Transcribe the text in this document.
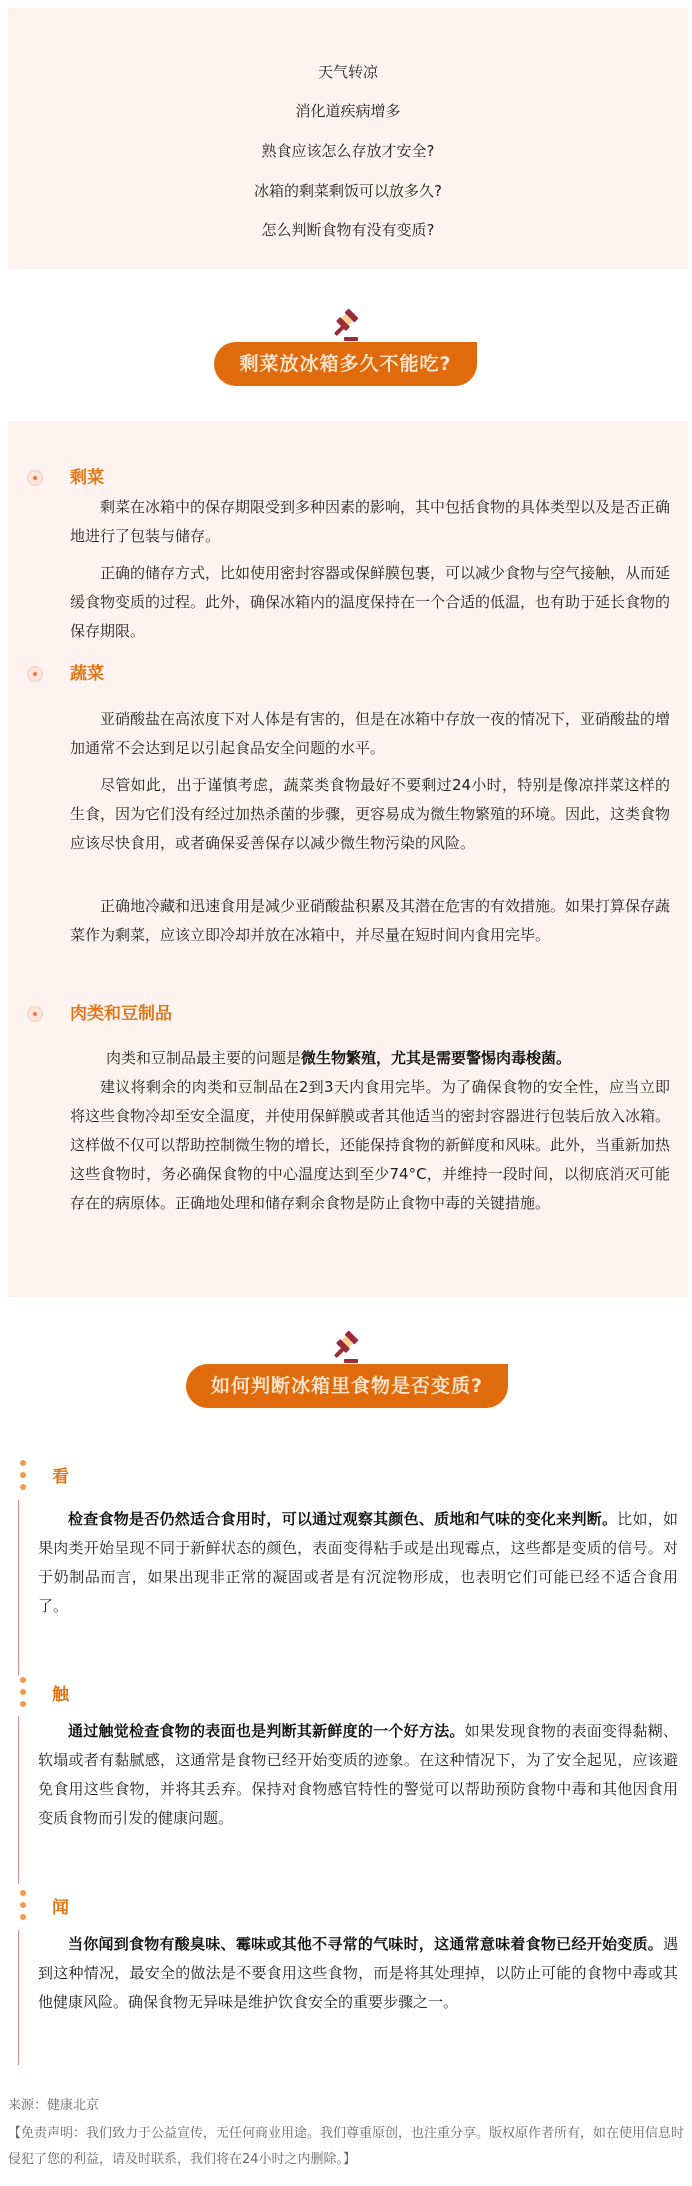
天气转凉
消化道疾病增多
熟食应该怎么存放才安全?
冰箱的剩菜剩饭可以放多久?
怎么判断食物有没有变质?
剩菜放冰箱多久不能吃?
剩菜
剩菜在冰箱中的保存期限受到多种因素的影响，其中包括食物的具体类型以及是否正确地进行了包装与储存。
正确的储存方式，比如使用密封容器或保鲜膜包裹，可以减少食物与空气接触，从而延缓食物变质的过程。此外，确保冰箱内的温度保持在一个合适的低温，也有助于延长食物的保存期限。
蔬菜
亚硝酸盐在高浓度下对人体是有害的，但是在冰箱中存放一夜的情况下，亚硝酸盐的增加通常不会达到足以引起食品安全问题的水平。
尽管如此，出于谨慎考虑，蔬菜类食物最好不要剩过24小时，特别是像凉拌菜这样的生食，因为它们没有经过加热杀菌的步骤，更容易成为微生物繁殖的环境。因此，这类食物应该尽快食用，或者确保妥善保存以减少微生物污染的风险。
正确地冷藏和迅速食用是减少亚硝酸盐积累及其潜在危害的有效措施。如果打算保存蔬菜作为剩菜，应该立即冷却并放在冰箱中，并尽量在短时间内食用完毕。
肉类和豆制品
肉类和豆制品最主要的问题是微生物繁殖，尤其是需要警惕肉毒梭菌。
建议将剩余的肉类和豆制品在2到3天内食用完毕。为了确保食物的安全性，应当立即将这些食物冷却至安全温度，并使用保鲜膜或者其他适当的密封容器进行包装后放入冰箱。这样做不仅可以帮助控制微生物的增长，还能保持食物的新鲜度和风味。此外，当重新加热这些食物时，务必确保食物的中心温度达到至少74°C，并维持一段时间，以彻底消灭可能存在的病原体。正确地处理和储存剩余食物是防止食物中毒的关键措施。
如何判断冰箱里食物是否变质?
看
检查食物是否仍然适合食用时，可以通过观察其颜色、质地和气味的变化来判断。比如，如果肉类开始呈现不同于新鲜状态的颜色，表面变得粘手或是出现霉点，这些都是变质的信号。对于奶制品而言，如果出现非正常的凝固或者是有沉淀物形成，也表明它们可能已经不适合食用了。
触
通过触觉检查食物的表面也是判断其新鲜度的一个好方法。如果发现食物的表面变得黏糊、软塌或者有黏腻感，这通常是食物已经开始变质的迹象。在这种情况下，为了安全起见，应该避免食用这些食物，并将其丢弃。保持对食物感官特性的警觉可以帮助预防食物中毒和其他因食用变质食物而引发的健康问题。
闻
当你闻到食物有酸臭味、霉味或其他不寻常的气味时，这通常意味着食物已经开始变质。遇到这种情况，最安全的做法是不要食用这些食物，而是将其处理掉，以防止可能的食物中毒或其他健康风险。确保食物无异味是维护饮食安全的重要步骤之一。
来源：健康北京
【免责声明：我们致力于公益宣传，无任何商业用途。我们尊重原创，也注重分享。版权原作者所有，如在使用信息时侵犯了您的利益，请及时联系，我们将在24小时之内删除。】
